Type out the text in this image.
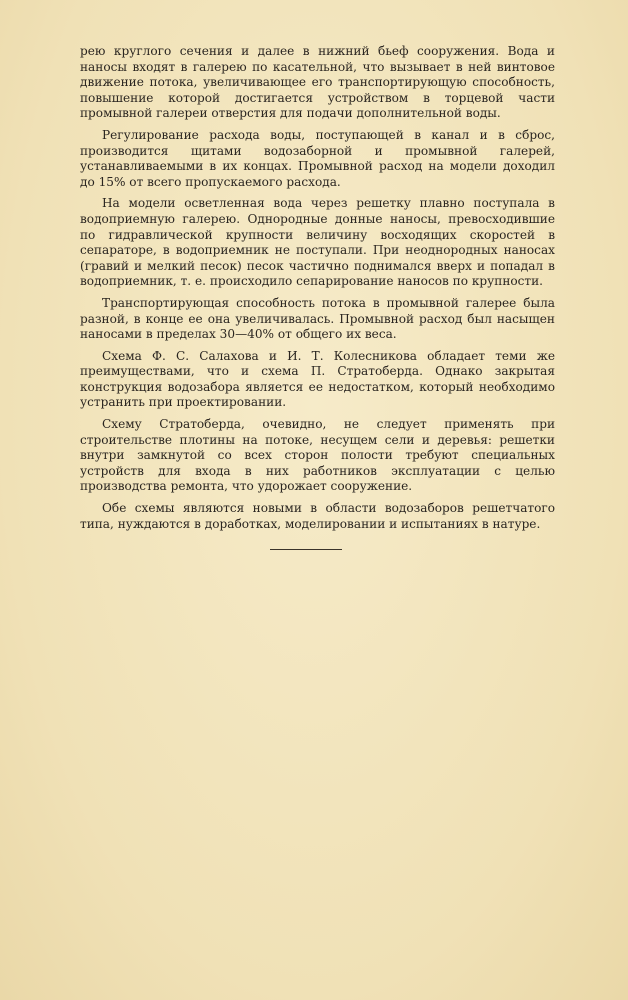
рею круглого сечения и далее в нижний бьеф сооружения. Вода и наносы входят в галерею по касательной, что вызывает в ней винтовое движение потока, увеличивающее его транспортирующую способность, повышение которой достигается устройством в торцевой части промывной галереи отверстия для подачи дополнительной воды.

Регулирование расхода воды, поступающей в канал и в сброс, производится щитами водозаборной и промывной галерей, устанавливаемыми в их концах. Промывной расход на модели доходил до 15% от всего пропускаемого расхода.

На модели осветленная вода через решетку плавно поступала в водоприемную галерею. Однородные донные наносы, превосходившие по гидравлической крупности величину восходящих скоростей в сепараторе, в водоприемник не поступали. При неоднородных наносах (гравий и мелкий песок) песок частично поднимался вверх и попадал в водоприемник, т. е. происходило сепарирование наносов по крупности.

Транспортирующая способность потока в промывной галерее была разной, в конце ее она увеличивалась. Промывной расход был насыщен наносами в пределах 30—40% от общего их веса.

Схема Ф. С. Салахова и И. Т. Колесникова обладает теми же преимуществами, что и схема П. Стратоберда. Однако закрытая конструкция водозабора является ее недостатком, который необходимо устранить при проектировании.

Схему Стратоберда, очевидно, не следует применять при строительстве плотины на потоке, несущем сели и деревья: решетки внутри замкнутой со всех сторон полости требуют специальных устройств для входа в них работников эксплуатации с целью производства ремонта, что удорожает сооружение.

Обе схемы являются новыми в области водозаборов решетчатого типа, нуждаются в доработках, моделировании и испытаниях в натуре.
